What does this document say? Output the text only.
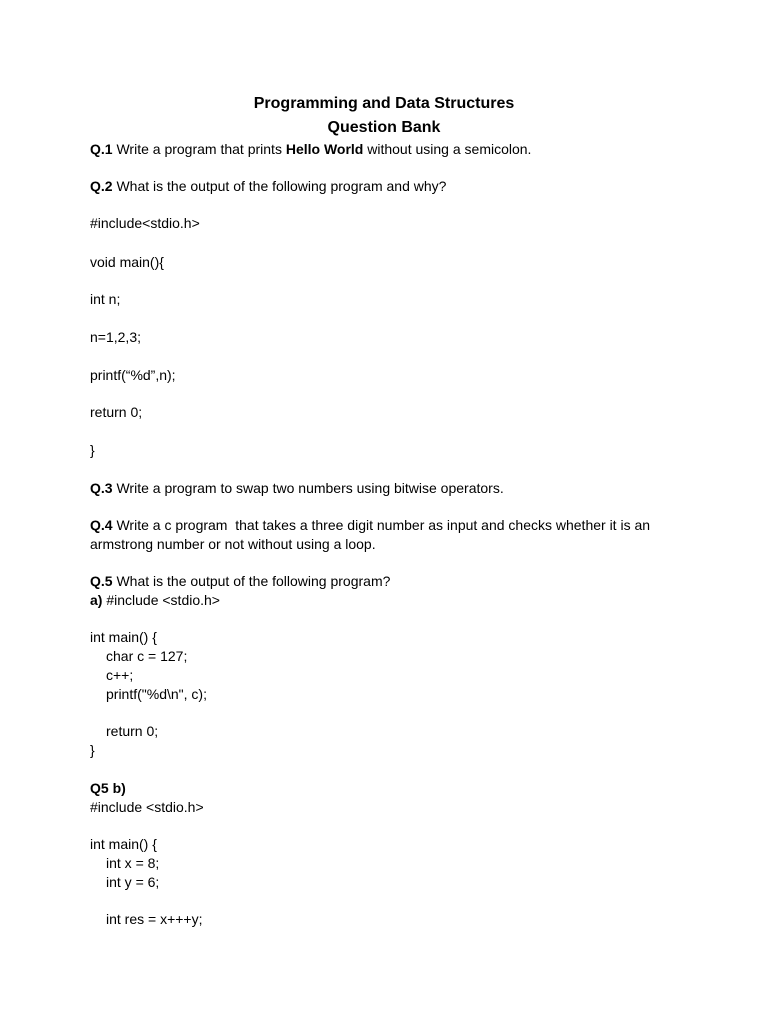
Programming and Data Structures

Question Bank

Q.1 Write a program that prints Hello World without using a semicolon.

Q.2 What is the output of the following program and why?

#include<stdio.h>

void main(){

int n;

n=1,2,3;

printf(“%d”,n);

return 0;

}

Q.3 Write a program to swap two numbers using bitwise operators.

Q.4 Write a c program  that takes a three digit number as input and checks whether it is an

armstrong number or not without using a loop.

Q.5 What is the output of the following program?

a) #include <stdio.h>

int main() {

char c = 127;

c++;

printf("%d\n", c);

return 0;

}

Q5 b)

#include <stdio.h>

int main() {

int x = 8;

int y = 6;

int res = x+++y;
